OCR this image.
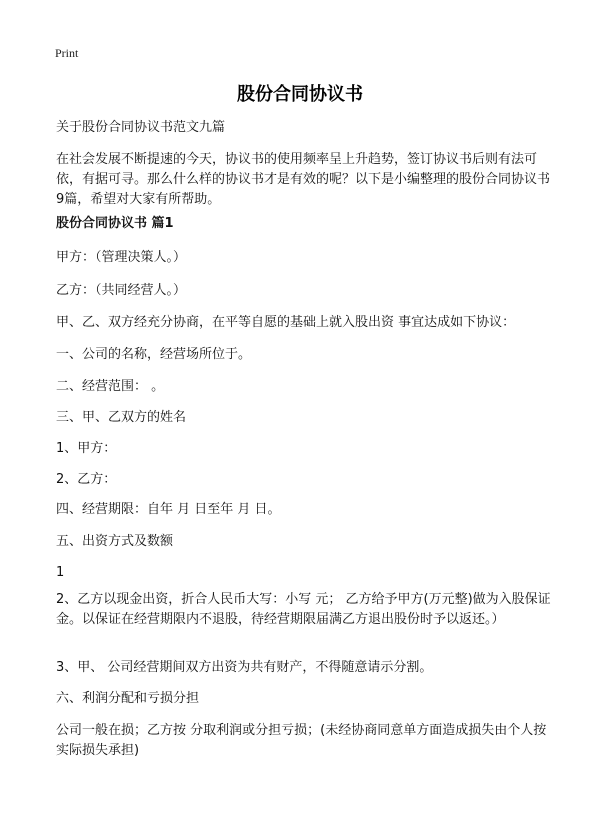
Print
股份合同协议书

关于股份合同协议书范文九篇

在社会发展不断提速的今天，协议书的使用频率呈上升趋势，签订协议书后则有法可依，有据可寻。那么什么样的协议书才是有效的呢？以下是小编整理的股份合同协议书9篇，希望对大家有所帮助。

股份合同协议书 篇1

甲方：（管理决策人。）

乙方：（共同经营人。）

甲、乙、双方经充分协商，在平等自愿的基础上就入股出资 事宜达成如下协议：

一、公司的名称，经营场所位于。

二、经营范围： 。

三、甲、乙双方的姓名

1、甲方：

2、乙方：

四、经营期限：自年 月 日至年 月 日。

五、出资方式及数额

1

2、乙方以现金出资，折合人民币大写：小写 元； 乙方给予甲方(万元整)做为入股保证金。以保证在经营期限内不退股，待经营期限届满乙方退出股份时予以返还。）

3、甲、 公司经营期间双方出资为共有财产，不得随意请示分割。

六、利润分配和亏损分担

公司一般在损；乙方按 分取利润或分担亏损；(未经协商同意单方面造成损失由个人按实际损失承担)
